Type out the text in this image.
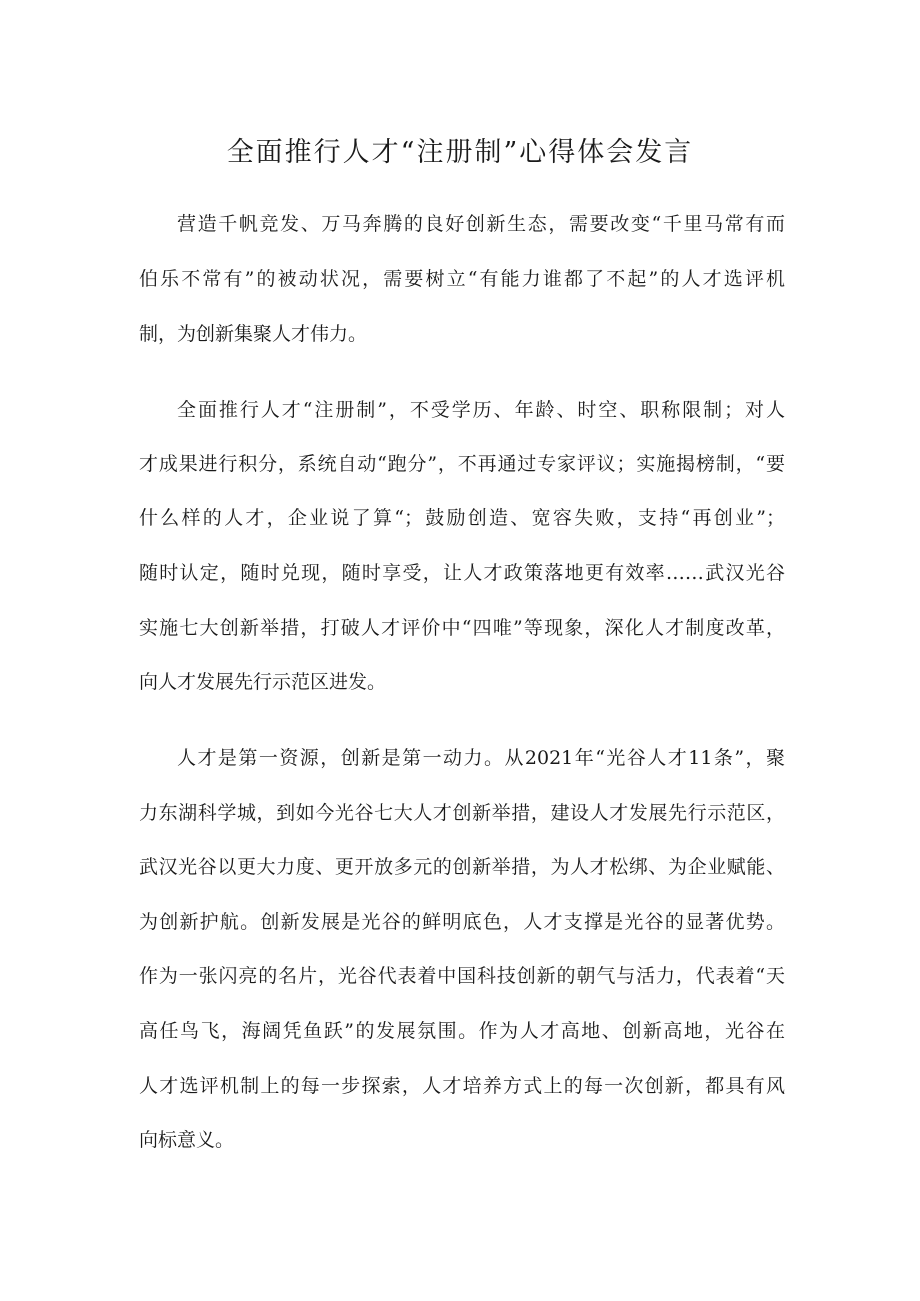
全面推行人才“注册制”心得体会发言
营造千帆竞发、万马奔腾的良好创新生态，需要改变“千里马常有而
伯乐不常有”的被动状况，需要树立“有能力谁都了不起”的人才选评机
制，为创新集聚人才伟力。
全面推行人才“注册制”，不受学历、年龄、时空、职称限制；对人
才成果进行积分，系统自动“跑分”，不再通过专家评议；实施揭榜制，“要
什么样的人才，企业说了算“；鼓励创造、宽容失败，支持“再创业”；
随时认定，随时兑现，随时享受，让人才政策落地更有效率……武汉光谷
实施七大创新举措，打破人才评价中“四唯”等现象，深化人才制度改革，
向人才发展先行示范区进发。
人才是第一资源，创新是第一动力。从2021年“光谷人才11条”，聚
力东湖科学城，到如今光谷七大人才创新举措，建设人才发展先行示范区，
武汉光谷以更大力度、更开放多元的创新举措，为人才松绑、为企业赋能、
为创新护航。创新发展是光谷的鲜明底色，人才支撑是光谷的显著优势。
作为一张闪亮的名片，光谷代表着中国科技创新的朝气与活力，代表着“天
高任鸟飞，海阔凭鱼跃”的发展氛围。作为人才高地、创新高地，光谷在
人才选评机制上的每一步探索，人才培养方式上的每一次创新，都具有风
向标意义。
